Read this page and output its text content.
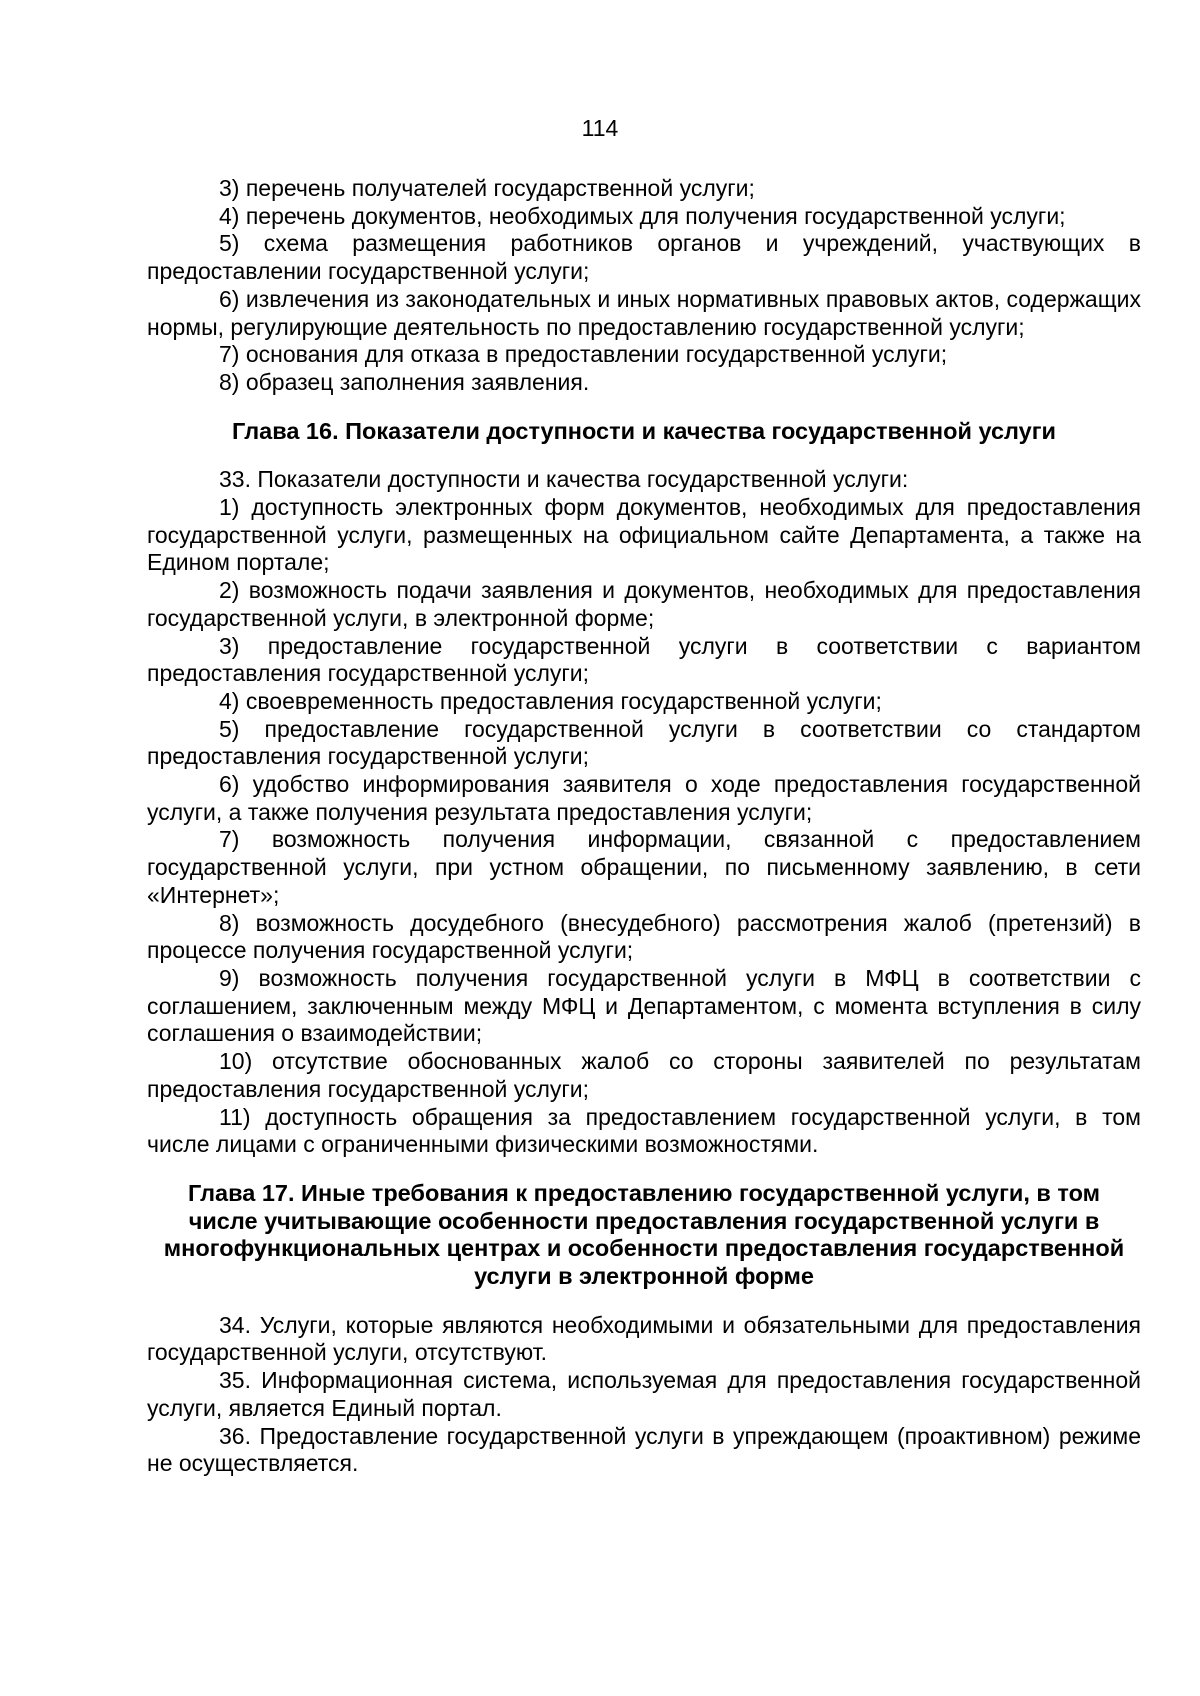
114

3) перечень получателей государственной услуги;

4) перечень документов, необходимых для получения государственной услуги;

5) схема размещения работников органов и учреждений, участвующих в предоставлении государственной услуги;

6) извлечения из законодательных и иных нормативных правовых актов, содержащих нормы, регулирующие деятельность по предоставлению государственной услуги;

7) основания для отказа в предоставлении государственной услуги;

8) образец заполнения заявления.

Глава 16. Показатели доступности и качества государственной услуги

33. Показатели доступности и качества государственной услуги:

1) доступность электронных форм документов, необходимых для предоставления государственной услуги, размещенных на официальном сайте Департамента, а также на Едином портале;

2) возможность подачи заявления и документов, необходимых для предоставления государственной услуги, в электронной форме;

3) предоставление государственной услуги в соответствии с вариантом предоставления государственной услуги;

4) своевременность предоставления государственной услуги;

5) предоставление государственной услуги в соответствии со стандартом предоставления государственной услуги;

6) удобство информирования заявителя о ходе предоставления государственной услуги, а также получения результата предоставления услуги;

7) возможность получения информации, связанной с предоставлением государственной услуги, при устном обращении, по письменному заявлению, в сети «Интернет»;

8) возможность досудебного (внесудебного) рассмотрения жалоб (претензий) в процессе получения государственной услуги;

9) возможность получения государственной услуги в МФЦ в соответствии с соглашением, заключенным между МФЦ и Департаментом, с момента вступления в силу соглашения о взаимодействии;

10) отсутствие обоснованных жалоб со стороны заявителей по результатам предоставления государственной услуги;

11) доступность обращения за предоставлением государственной услуги, в том числе лицами с ограниченными физическими возможностями.

Глава 17. Иные требования к предоставлению государственной услуги, в том числе учитывающие особенности предоставления государственной услуги в многофункциональных центрах и особенности предоставления государственной услуги в электронной форме

34. Услуги, которые являются необходимыми и обязательными для предоставления государственной услуги, отсутствуют.

35. Информационная система, используемая для предоставления государственной услуги, является Единый портал.

36. Предоставление государственной услуги в упреждающем (проактивном) режиме не осуществляется.
